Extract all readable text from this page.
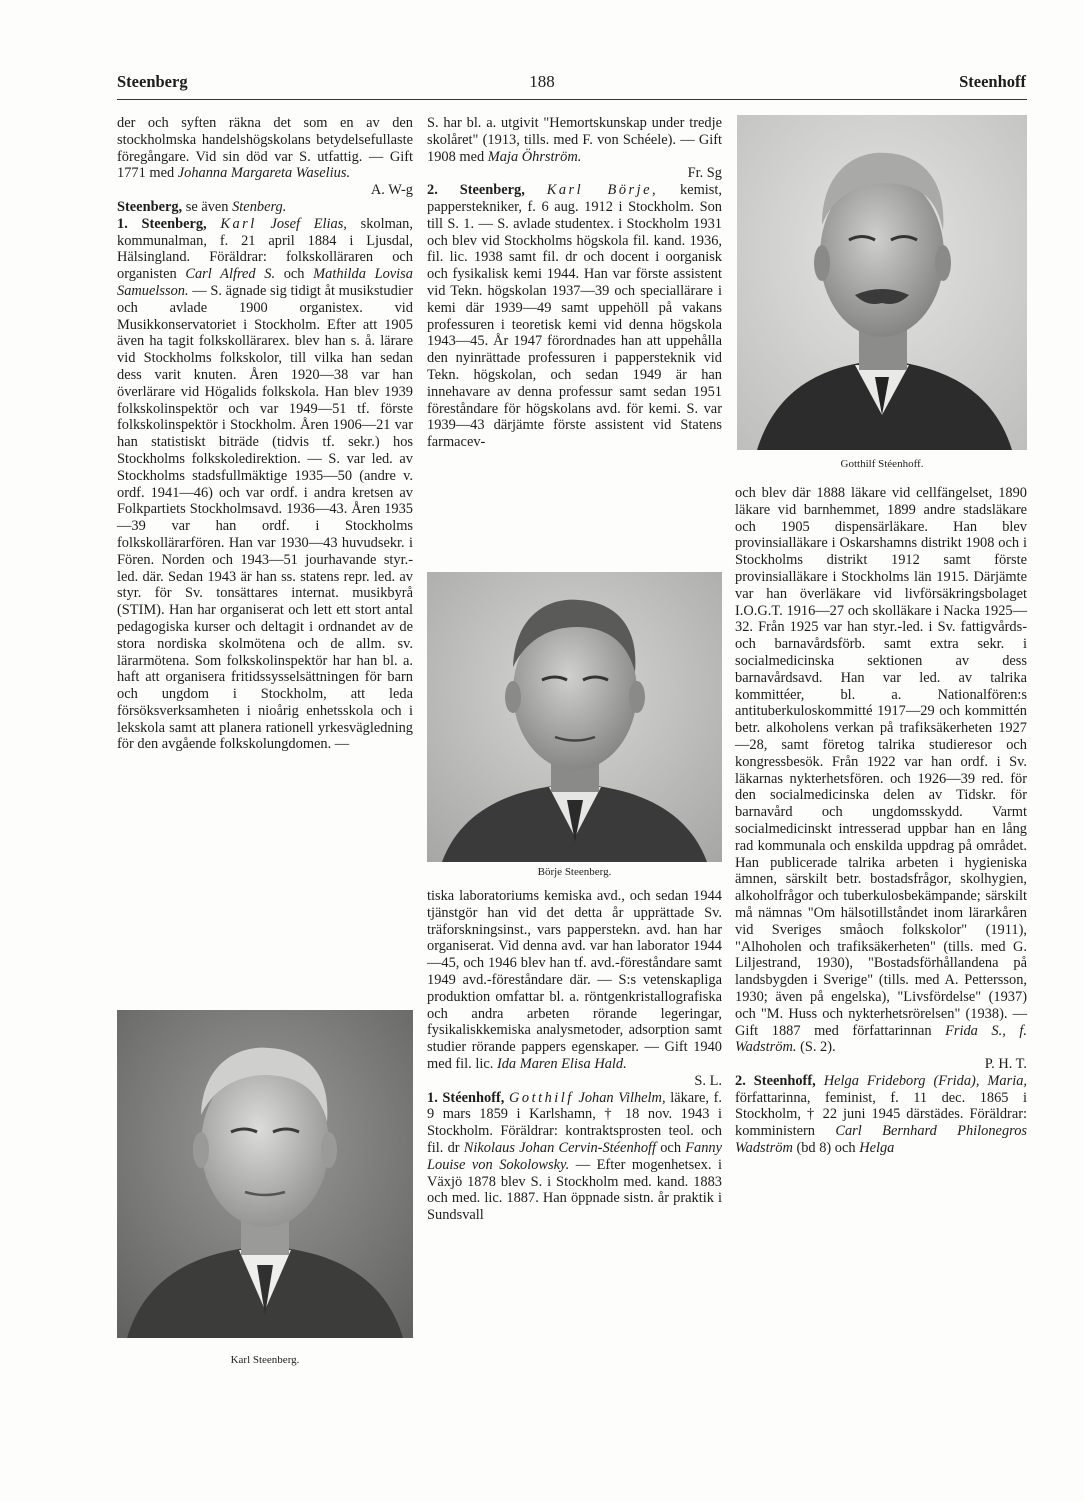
Steenberg	188	Steenhoff

der och syften räkna det som en av den stockholmska handelshögskolans betydelsefullaste föregångare. Vid sin död var S. utfattig. — Gift 1771 med Johanna Margareta Waselius.

A. W-g

Steenberg, se även Stenberg.

1. Steenberg, Karl Josef Elias, skolman, kommunalman, f. 21 april 1884 i Ljusdal, Hälsingland. Föräldrar: folkskolläraren och organisten Carl Alfred S. och Mathilda Lovisa Samuelsson. — S. ägnade sig tidigt åt musikstudier och avlade 1900 organistex. vid Musikkonservatoriet i Stockholm. Efter att 1905 även ha tagit folkskollärarex. blev han s. å. lärare vid Stockholms folkskolor, till vilka han sedan dess varit knuten. Åren 1920—38 var han överlärare vid Högalids folkskola. Han blev 1939 folkskolinspektör och var 1949—51 tf. förste folkskolinspektör i Stockholm. Åren 1906—21 var han statistiskt biträde (tidvis tf. sekr.) hos Stockholms folkskoledirektion. — S. var led. av Stockholms stadsfullmäktige 1935—50 (andre v. ordf. 1941—46) och var ordf. i andra kretsen av Folkpartiets Stockholmsavd. 1936—43. Åren 1935—39 var han ordf. i Stockholms folkskollärarfören. Han var 1930—43 huvudsekr. i Fören. Norden och 1943—51 jourhavande styr.-led. där. Sedan 1943 är han ss. statens repr. led. av styr. för Sv. tonsättares internat. musikbyrå (STIM). Han har organiserat och lett ett stort antal pedagogiska kurser och deltagit i ordnandet av de stora nordiska skolmötena och de allm. sv. lärarmötena. Som folkskolinspektör har han bl. a. haft att organisera fritidssysselsättningen för barn och ungdom i Stockholm, att leda försöksverksamheten i nioårig enhetsskola och i lekskola samt att planera rationell yrkesvägledning för den avgående folkskolungdomen. —

S. har bl. a. utgivit "Hemortskunskap under tredje skolåret" (1913, tills. med F. von Schéele). — Gift 1908 med Maja Öhrström.

Fr. Sg

2. Steenberg, Karl Börje, kemist, papperstekniker, f. 6 aug. 1912 i Stockholm. Son till S. 1. — S. avlade studentex. i Stockholm 1931 och blev vid Stockholms högskola fil. kand. 1936, fil. lic. 1938 samt fil. dr och docent i oorganisk och fysikalisk kemi 1944. Han var förste assistent vid Tekn. högskolan 1937—39 och speciallärare i kemi där 1939—49 samt uppehöll på vakans professuren i teoretisk kemi vid denna högskola 1943—45. År 1947 förordnades han att uppehålla den nyinrättade professuren i pappersteknik vid Tekn. högskolan, och sedan 1949 är han innehavare av denna professur samt sedan 1951 föreståndare för högskolans avd. för kemi. S. var 1939—43 därjämte förste assistent vid Statens farmacev-

tiska laboratoriums kemiska avd., och sedan 1944 tjänstgör han vid det detta år upprättade Sv. träforskningsinst., vars papperstekn. avd. han har organiserat. Vid denna avd. var han laborator 1944—45, och 1946 blev han tf. avd.-föreståndare samt 1949 avd.-föreståndare där. — S:s vetenskapliga produktion omfattar bl. a. röntgenkristallografiska och andra arbeten rörande legeringar, fysikaliskkemiska analysmetoder, adsorption samt studier rörande pappers egenskaper. — Gift 1940 med fil. lic. Ida Maren Elisa Hald.

S. L.

1. Stéenhoff, Gotthilf Johan Vilhelm, läkare, f. 9 mars 1859 i Karlshamn, † 18 nov. 1943 i Stockholm. Föräldrar: kontraktsprosten teol. och fil. dr Nikolaus Johan Cervin-Stéenhoff och Fanny Louise von Sokolowsky. — Efter mogenhetsex. i Växjö 1878 blev S. i Stockholm med. kand. 1883 och med. lic. 1887. Han öppnade sistn. år praktik i Sundsvall

och blev där 1888 läkare vid cellfängelset, 1890 läkare vid barnhemmet, 1899 andre stadsläkare och 1905 dispensärläkare. Han blev provinsialläkare i Oskarshamns distrikt 1908 och i Stockholms distrikt 1912 samt förste provinsialläkare i Stockholms län 1915. Därjämte var han överläkare vid livförsäkringsbolaget I.O.G.T. 1916—27 och skolläkare i Nacka 1925—32. Från 1925 var han styr.-led. i Sv. fattigvårds- och barnavårdsförb. samt extra sekr. i socialmedicinska sektionen av dess barnavårdsavd. Han var led. av talrika kommittéer, bl. a. Nationalfören:s antituberkuloskommitté 1917—29 och kommittén betr. alkoholens verkan på trafiksäkerheten 1927—28, samt företog talrika studieresor och kongressbesök. Från 1922 var han ordf. i Sv. läkarnas nykterhetsfören. och 1926—39 red. för den socialmedicinska delen av Tidskr. för barnavård och ungdomsskydd. Varmt socialmedicinskt intresserad uppbar han en lång rad kommunala och enskilda uppdrag på området. Han publicerade talrika arbeten i hygieniska ämnen, särskilt betr. bostadsfrågor, skolhygien, alkoholfrågor och tuberkulosbekämpande; särskilt må nämnas "Om hälsotillståndet inom lärarkåren vid Sveriges småoch folkskolor" (1911), "Alhoholen och trafiksäkerheten" (tills. med G. Liljestrand, 1930), "Bostadsförhållandena på landsbygden i Sverige" (tills. med A. Pettersson, 1930; även på engelska), "Livsfördelse" (1937) och "M. Huss och nykterhetsrörelsen" (1938). — Gift 1887 med författarinnan Frida S., f. Wadström. (S. 2).

P. H. T.

2. Steenhoff, Helga Frideborg (Frida), Maria, författarinna, feminist, f. 11 dec. 1865 i Stockholm, † 22 juni 1945 därstädes. Föräldrar: komministern Carl Bernhard Philonegros Wadström (bd 8) och Helga

Gotthilf Stéenhoff.
Börje Steenberg.
Karl Steenberg.
